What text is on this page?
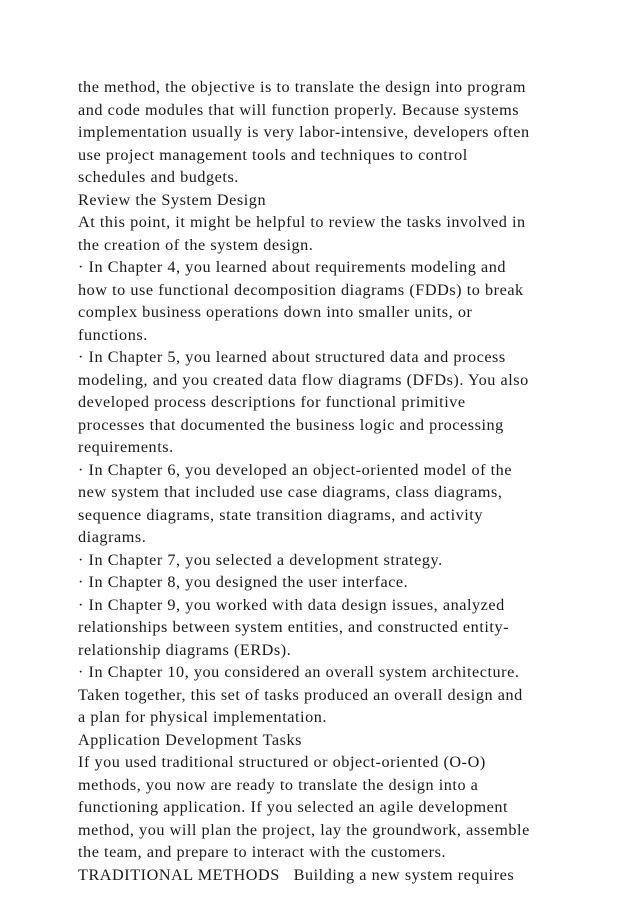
the method, the objective is to translate the design into program
and code modules that will function properly. Because systems
implementation usually is very labor-intensive, developers often
use project management tools and techniques to control
schedules and budgets.
Review the System Design
At this point, it might be helpful to review the tasks involved in
the creation of the system design.
· In Chapter 4, you learned about requirements modeling and
how to use functional decomposition diagrams (FDDs) to break
complex business operations down into smaller units, or
functions.
· In Chapter 5, you learned about structured data and process
modeling, and you created data flow diagrams (DFDs). You also
developed process descriptions for functional primitive
processes that documented the business logic and processing
requirements.
· In Chapter 6, you developed an object-oriented model of the
new system that included use case diagrams, class diagrams,
sequence diagrams, state transition diagrams, and activity
diagrams.
· In Chapter 7, you selected a development strategy.
· In Chapter 8, you designed the user interface.
· In Chapter 9, you worked with data design issues, analyzed
relationships between system entities, and constructed entity-
relationship diagrams (ERDs).
· In Chapter 10, you considered an overall system architecture.
Taken together, this set of tasks produced an overall design and
a plan for physical implementation.
Application Development Tasks
If you used traditional structured or object-oriented (O-O)
methods, you now are ready to translate the design into a
functioning application. If you selected an agile development
method, you will plan the project, lay the groundwork, assemble
the team, and prepare to interact with the customers.
TRADITIONAL METHODS   Building a new system requires
